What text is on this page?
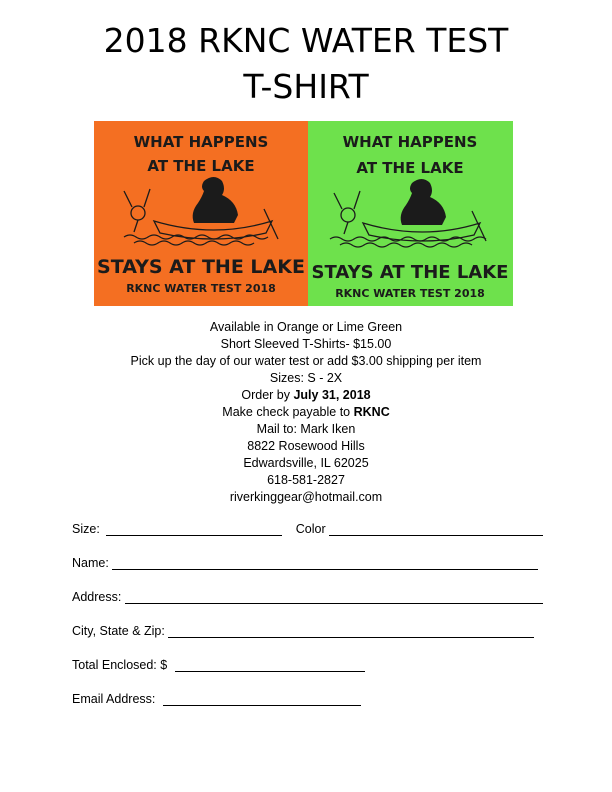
2018 RKNC WATER TEST
T-SHIRT
WHAT HAPPENS
AT THE LAKE
STAYS AT THE LAKE
RKNC WATER TEST 2018
WHAT HAPPENS
AT THE LAKE
STAYS AT THE LAKE
RKNC WATER TEST 2018
Available in Orange or Lime Green
Short Sleeved T-Shirts- $15.00
Pick up the day of our water test or add $3.00 shipping per item
Sizes: S - 2X
Order by July 31, 2018
Make check payable to RKNC
Mail to: Mark Iken
8822 Rosewood Hills
Edwardsville, IL 62025
618-581-2827
riverkinggear@hotmail.com
Size:	Color
Name:
Address:
City, State & Zip:
Total Enclosed: $
Email Address:
